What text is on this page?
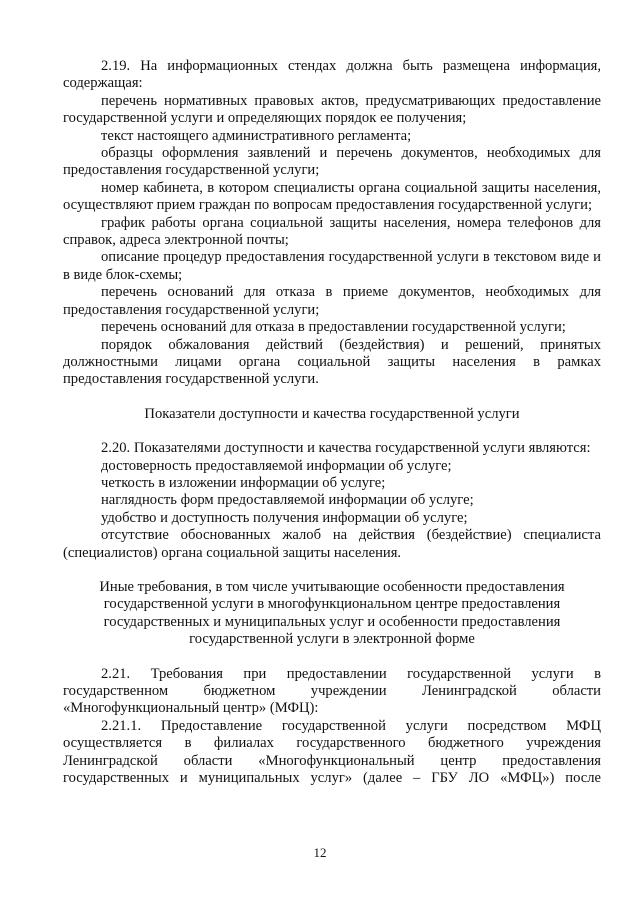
2.19. На информационных стендах должна быть размещена информация, содержащая:

перечень нормативных правовых актов, предусматривающих предоставление государственной услуги и определяющих порядок ее получения;

текст настоящего административного регламента;

образцы оформления заявлений и перечень документов, необходимых для предоставления государственной услуги;

номер кабинета, в котором специалисты органа социальной защиты населения, осуществляют прием граждан по вопросам предоставления государственной услуги;

график работы органа социальной защиты населения, номера телефонов для справок, адреса электронной почты;

описание процедур предоставления государственной услуги в текстовом виде и в виде блок-схемы;

перечень оснований для отказа в приеме документов, необходимых для предоставления государственной услуги;

перечень оснований для отказа в предоставлении государственной услуги;

порядок обжалования действий (бездействия) и решений, принятых должностными лицами органа социальной защиты населения в рамках предоставления государственной услуги.

Показатели доступности и качества государственной услуги

2.20. Показателями доступности и качества государственной услуги являются:

достоверность предоставляемой информации об услуге;

четкость в изложении информации об услуге;

наглядность форм предоставляемой информации об услуге;

удобство и доступность получения информации об услуге;

отсутствие обоснованных жалоб на действия (бездействие) специалиста (специалистов) органа социальной защиты населения.

Иные требования, в том числе учитывающие особенности предоставления

государственной услуги в многофункциональном центре предоставления

государственных и муниципальных услуг и особенности предоставления

государственной услуги в электронной форме

2.21. Требования при предоставлении государственной услуги в государственном бюджетном учреждении Ленинградской области «Многофункциональный центр» (МФЦ):

2.21.1. Предоставление государственной услуги посредством МФЦ осуществляется в филиалах государственного бюджетного учреждения Ленинградской области «Многофункциональный центр предоставления государственных и муниципальных услуг» (далее – ГБУ ЛО «МФЦ») после

12
